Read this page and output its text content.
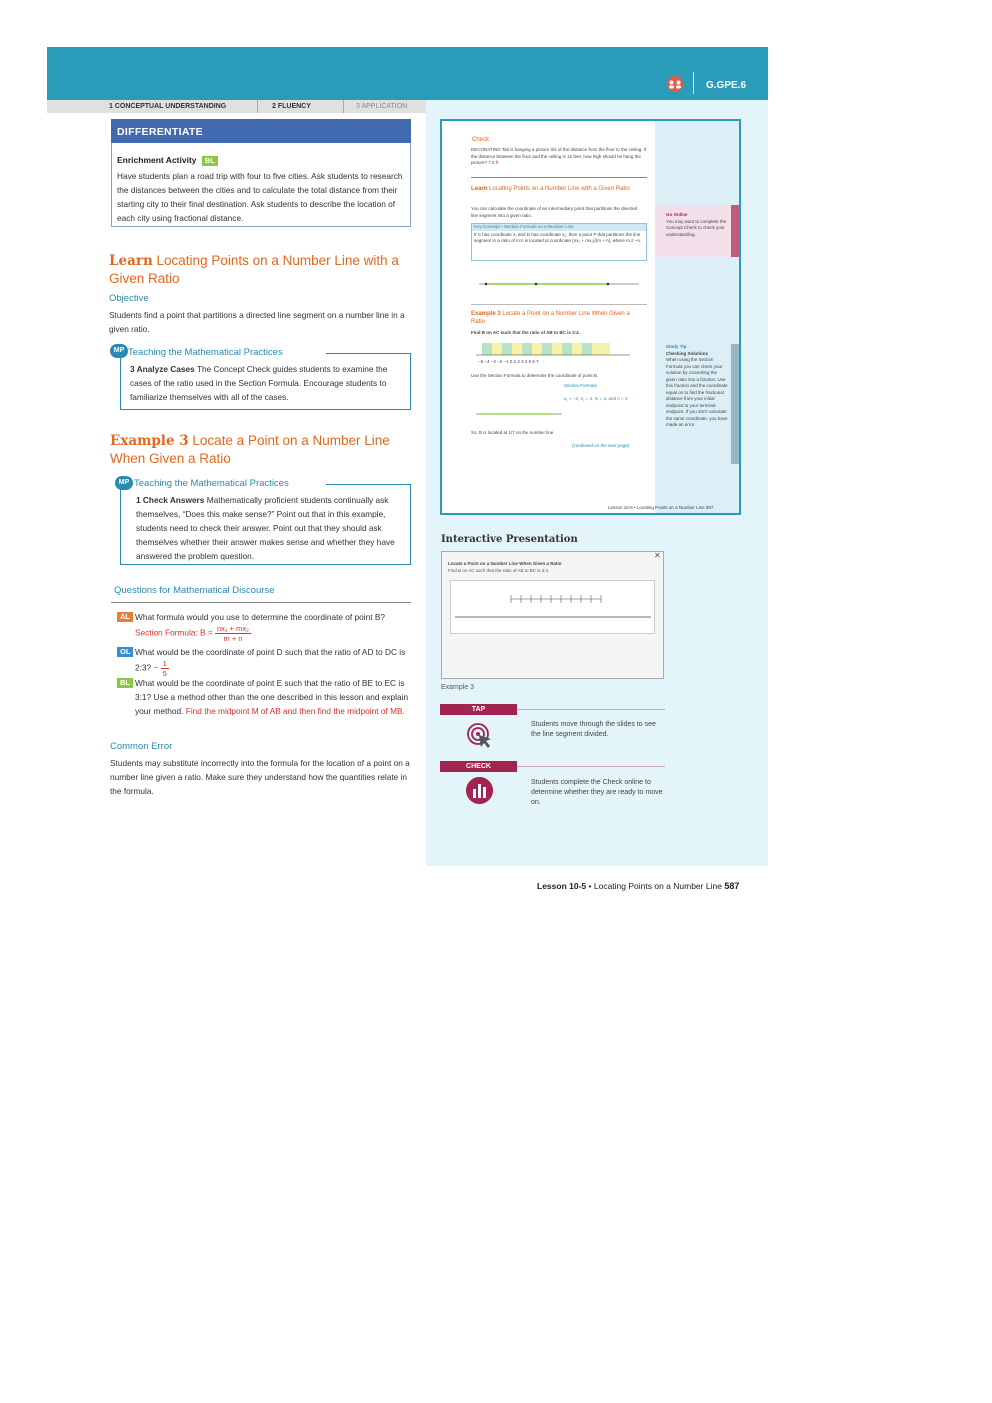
G.GPE.6
1 CONCEPTUAL UNDERSTANDING	2 FLUENCY	3 APPLICATION
DIFFERENTIATE
Enrichment Activity BL
Have students plan a road trip with four to five cities. Ask students to research the distances between the cities and to calculate the total distance from their starting city to their final destination. Ask students to describe the location of each city using fractional distance.
Learn Locating Points on a Number Line with a Given Ratio
Objective
Students find a point that partitions a directed line segment on a number line in a given ratio.
MP Teaching the Mathematical Practices
3 Analyze Cases The Concept Check guides students to examine the cases of the ratio used in the Section Formula. Encourage students to familiarize themselves with all of the cases.
Example 3 Locate a Point on a Number Line When Given a Ratio
MP Teaching the Mathematical Practices
1 Check Answers Mathematically proficient students continually ask themselves, “Does this make sense?” Point out that in this example, students need to check their answer. Point out that they should ask themselves whether their answer makes sense and whether they have answered the problem question.
Questions for Mathematical Discourse
AL What formula would you use to determine the coordinate of point B? Section Formula: $B = \frac{\text{nx₁ + mx₂}}{m + n}$
OL What would be the coordinate of point D such that the ratio of AD to DC is 2:3? − $\frac{1}{5}$
BL What would be the coordinate of point E such that the ratio of BE to EC is 3:1? Use a method other than the one described in this lesson and explain your method. Find the midpoint M of AB and then find the midpoint of MB.
Common Error
Students may substitute incorrectly into the formula for the location of a point on a number line given a ratio. Make sure they understand how the quantities relate in the formula.
Check
DECORATING Tati is hanging a picture 3/4 of the distance from the floor to the ceiling. If the distance between the floor and the ceiling is 12 feet, how high should he hang the picture? 7.5 ft
Learn Locating Points on a Number Line with a Given Ratio
You can calculate the coordinate of an intermediary point that partitions the directed line segment into a given ratio.
Key Concept • Section Formula on a Number Line
If C has coordinate x₁ and D has coordinate x₂, then a point P that partitions the line segment in a ratio of m:n is located at coordinate (nx₁ + mx₂)/(m + n), where m ≠ −n.
Example 3 Locate a Point on a Number Line When Given a Ratio
Find B on AC such that the ratio of AB to BC is 3:4.
−5 −4 −3 −2 −1 0 1 2 3 4 5 6 7
Use the Section Formula to determine the coordinate of point B.
Section Formula
x₁ = −3, x₂ = 4, m = 3, and n = 4
So, B is located at 1/7 on the number line.
(continued on the next page)
Go Online
You may want to complete the Concept Check to check your understanding.
Study Tip
Checking Solutions
When using the Section Formula you can check your solution by converting the given ratio into a fraction. Use this fraction and the coordinate equal on to find the fractional distance from your initial endpoint to your terminal endpoint. If you don't calculate the same coordinate, you have made an error.
Lesson 10-5 • Locating Points on a Number Line 587
Interactive Presentation
Locate a Point on a Number Line When Given a Ratio
Find B on AC such that the ratio of AB to BC is 3:4.
✕
Example 3
TAP
Students move through the slides to see the line segment divided.
CHECK
Students complete the Check online to determine whether they are ready to move on.
Lesson 10-5 • Locating Points on a Number Line 587
